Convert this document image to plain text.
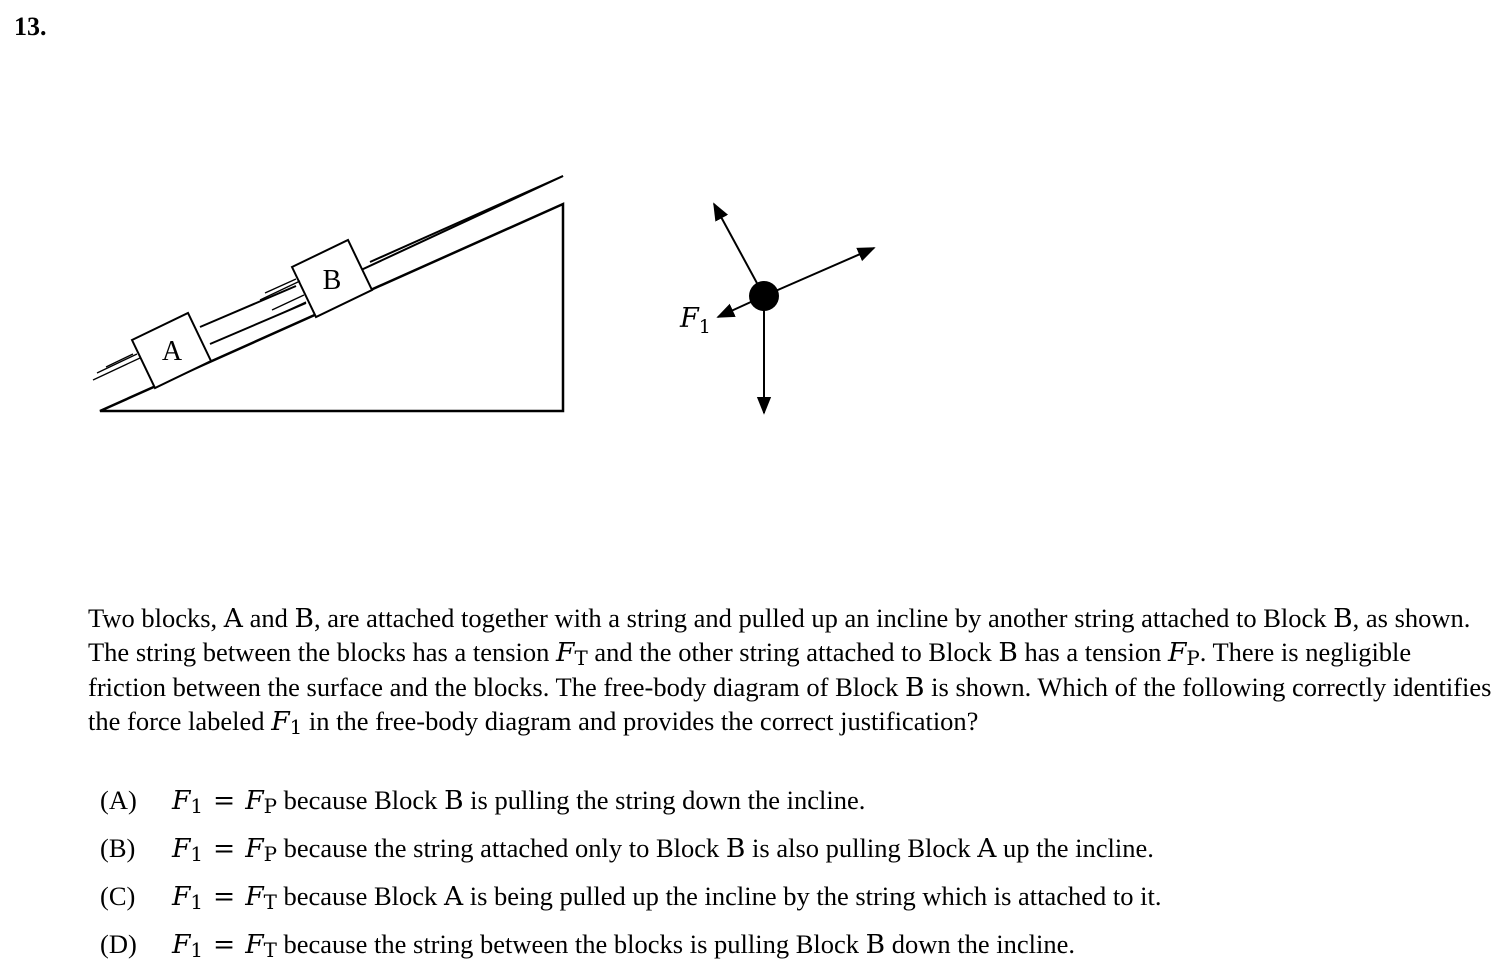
13.
A
B
$F_1$

Two blocks, A and B, are attached together with a string and pulled up an incline by another string attached to Block B, as shown. The string between the blocks has a tension FT and the other string attached to Block B has a tension FP. There is negligible friction between the surface and the blocks. The free-body diagram of Block B is shown. Which of the following correctly identifies the force labeled F1 in the free-body diagram and provides the correct justification?

(A)	F 1 = F P because Block B is pulling the string down the incline.
(B)	F 1 = F P because the string attached only to Block B is also pulling Block A up the incline.
(C)	F 1 = F T because Block A is being pulled up the incline by the string which is attached to it.
(D)	F 1 = F T because the string between the blocks is pulling Block B down the incline.
